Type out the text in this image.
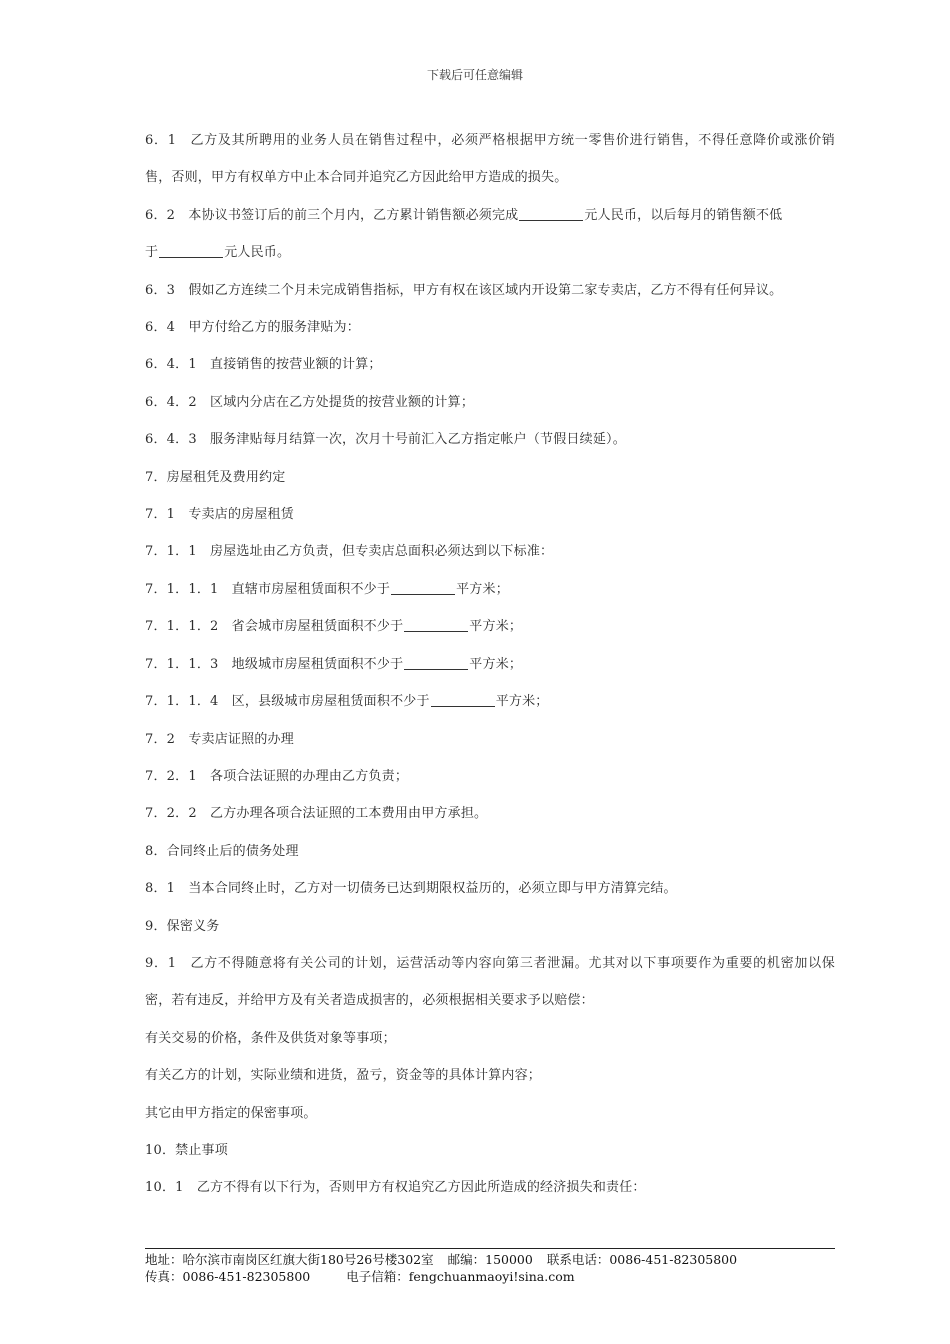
下载后可任意编辑
6．1　乙方及其所聘用的业务人员在销售过程中，必须严格根据甲方统一零售价进行销售，不得任意降价或涨价销售，否则，甲方有权单方中止本合同并追究乙方因此给甲方造成的损失。
6．2　本协议书签订后的前三个月内，乙方累计销售额必须完成	元人民币，以后每月的销售额不低
于	元人民币。
6．3　假如乙方连续二个月未完成销售指标，甲方有权在该区域内开设第二家专卖店，乙方不得有任何异议。
6．4　甲方付给乙方的服务津贴为：
6．4．1　直接销售的按营业额的计算；
6．4．2　区域内分店在乙方处提货的按营业额的计算；
6．4．3　服务津贴每月结算一次，次月十号前汇入乙方指定帐户（节假日续延）。
7．房屋租凭及费用约定
7．1　专卖店的房屋租赁
7．1．1　房屋选址由乙方负责，但专卖店总面积必须达到以下标准：
7．1．1．1　直辖市房屋租赁面积不少于	平方米；
7．1．1．2　省会城市房屋租赁面积不少于	平方米；
7．1．1．3　地级城市房屋租赁面积不少于	平方米；
7．1．1．4　区，县级城市房屋租赁面积不少于	平方米；
7．2　专卖店证照的办理
7．2．1　各项合法证照的办理由乙方负责；
7．2．2　乙方办理各项合法证照的工本费用由甲方承担。
8．合同终止后的债务处理
8．1　当本合同终止时，乙方对一切债务已达到期限权益历的，必须立即与甲方清算完结。
9．保密义务
9．1　乙方不得随意将有关公司的计划，运营活动等内容向第三者泄漏。尤其对以下事项要作为重要的机密加以保密，若有违反，并给甲方及有关者造成损害的，必须根据相关要求予以赔偿：
有关交易的价格，条件及供货对象等事项；
有关乙方的计划，实际业绩和进货，盈亏，资金等的具体计算内容；
其它由甲方指定的保密事项。
10．禁止事项
10．1　乙方不得有以下行为，否则甲方有权追究乙方因此所造成的经济损失和责任：
地址：哈尔滨市南岗区红旗大街180号26号楼302室 邮编：150000 联系电话：0086-451-82305800
传真：0086-451-82305800	电子信箱：fengchuanmaoyi!sina.com
